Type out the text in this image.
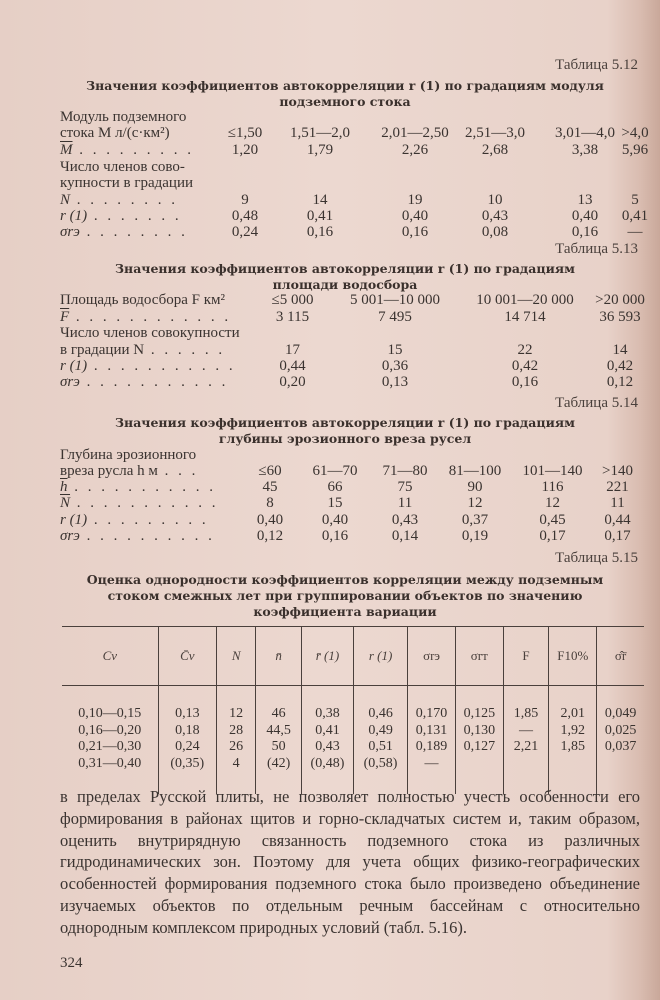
Таблица 5.12
Значения коэффициентов автокорреляции r (1) по градациям модуля
подземного стока
Модуль подземного
стока M л/(с·км²)	≤1,50	1,51—2,0	2,01—2,50	2,51—3,0	3,01—4,0 >4,0
$\overline{M}$ . . . . . . . . .	1,20	1,79	2,26	2,68	3,38	5,96
Число членов сово-
купности в градации
N . . . . . . . .	9	14	19	10	13	5
r (1) . . . . . . .	0,48	0,41	0,40	0,43	0,40	0,41
σrэ . . . . . . . .	0,24	0,16	0,16	0,08	0,16	—
Таблица 5.13
Значения коэффициентов автокорреляции r (1) по градациям
площади водосбора
Площадь водосбора F км²	≤5 000	5 001—10 000	10 001—20 000	>20 000
$\overline{F}$ . . . . . . . . . . . .	3 115	7 495	14 714	36 593
Число членов совокупности
в градации N . . . . . .	17	15	22	14
r (1) . . . . . . . . . . .	0,44	0,36	0,42	0,42
σrэ . . . . . . . . . . .	0,20	0,13	0,16	0,12
Таблица 5.14
Значения коэффициентов автокорреляции r (1) по градациям
глубины эрозионного вреза русел
Глубина эрозионного
вреза русла h м . . .	≤60	61—70	71—80	81—100	101—140	>140
$\overline{h}$ . . . . . . . . . . .	45	66	75	90	116	221
$\overline{N}$ . . . . . . . . . . .	8	15	11	12	12	11
r (1) . . . . . . . . .	0,40	0,40	0,43	0,37	0,45	0,44
σrэ . . . . . . . . . .	0,12	0,16	0,14	0,19	0,17	0,17
Таблица 5.15
Оценка однородности коэффициентов корреляции между подземным
стоком смежных лет при группировании объектов по значению
коэффициента вариации
Cv	C̄v	N	n̄	r̄ (1)	r (1)	σrэ	σrт	F	F10%	σ̂r̄
0,10—0,15	0,13	12	46	0,38	0,46	0,170	0,125	1,85	2,01	0,049
0,16—0,20	0,18	28	44,5	0,41	0,49	0,131	0,130	—	1,92	0,025
0,21—0,30	0,24	26	50	0,43	0,51	0,189	0,127	2,21	1,85	0,037
0,31—0,40	(0,35)	4	(42)	(0,48)	(0,58)	—				
в пределах Русской плиты, не позволяет полностью учесть особенности его формирования в районах щитов и горно-складчатых систем и, таким образом, оценить внутрирядную связанность подземного стока из различных гидродинамических зон. Поэтому для учета общих физико-географических особенностей формирования подземного стока было произведено объединение изучаемых объектов по отдельным речным бассейнам с относительно однородным комплексом природных условий (табл. 5.16).
324
